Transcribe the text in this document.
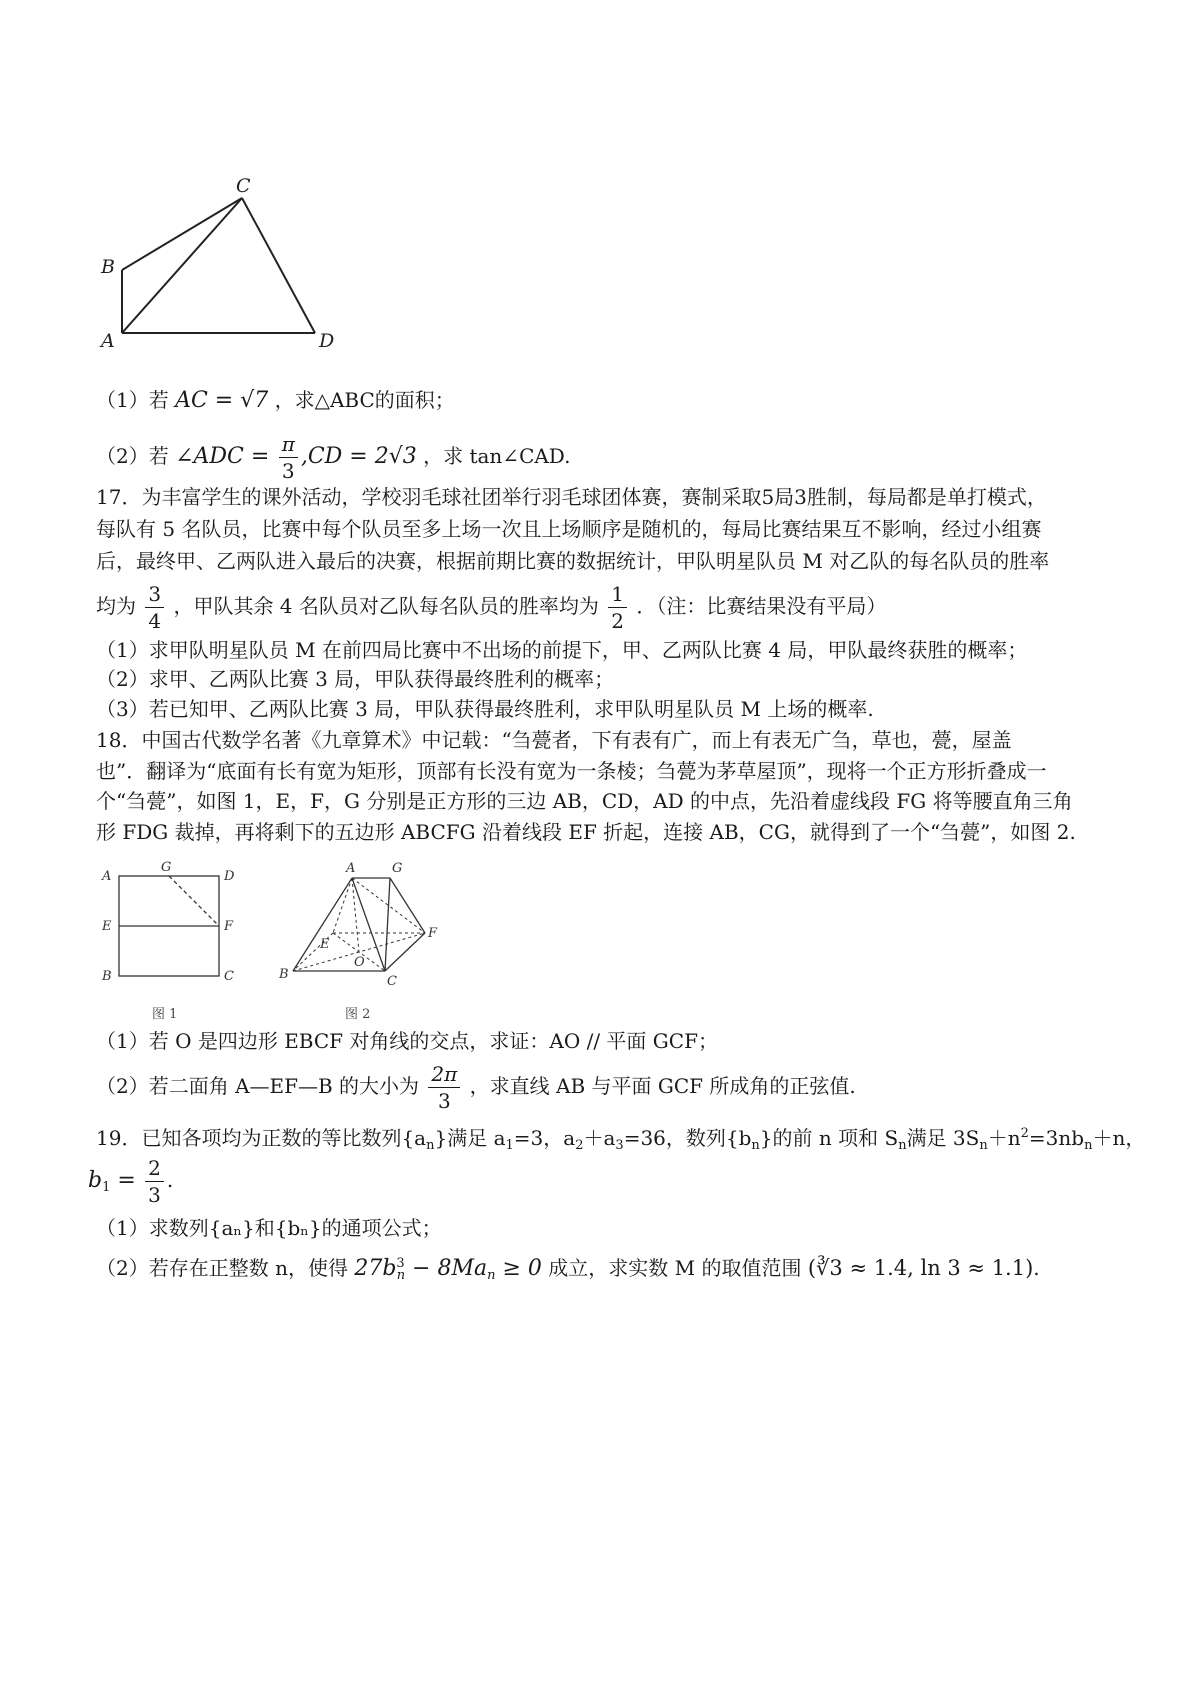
C
B
A	D
（1）若 AC = √7 ，求△ABC的面积；
（2）若 ∠ADC = $\frac{\pi}{3} ,CD = 2√3$ ，求 tan∠CAD.
17．为丰富学生的课外活动，学校羽毛球社团举行羽毛球团体赛，赛制采取5局3胜制，每局都是单打模式，
每队有 5 名队员，比赛中每个队员至多上场一次且上场顺序是随机的，每局比赛结果互不影响，经过小组赛
后，最终甲、乙两队进入最后的决赛，根据前期比赛的数据统计，甲队明星队员 M 对乙队的每名队员的胜率
均为 $\frac{3}{4}$ ，甲队其余 4 名队员对乙队每名队员的胜率均为 $\frac{1}{2}$ ．（注：比赛结果没有平局）
（1）求甲队明星队员 M 在前四局比赛中不出场的前提下，甲、乙两队比赛 4 局，甲队最终获胜的概率；
（2）求甲、乙两队比赛 3 局，甲队获得最终胜利的概率；
（3）若已知甲、乙两队比赛 3 局，甲队获得最终胜利，求甲队明星队员 M 上场的概率.
18．中国古代数学名著《九章算术》中记载：“刍甍者，下有表有广，而上有表无广刍，草也，甍，屋盖
也”．翻译为“底面有长有宽为矩形，顶部有长没有宽为一条棱；刍甍为茅草屋顶”，现将一个正方形折叠成一
个“刍甍”，如图 1，E，F，G 分别是正方形的三边 AB，CD，AD 的中点，先沿着虚线段 FG 将等腰直角三角
形 FDG 裁掉，再将剩下的五边形 ABCFG 沿着线段 EF 折起，连接 AB，CG，就得到了一个“刍甍”，如图 2.
A
G
D
E	F
B	C
图 1
A	G
E
F
O
B	C
图 2
（1）若 O 是四边形 EBCF 对角线的交点，求证：AO // 平面 GCF；
（2）若二面角 A—EF—B 的大小为 $\frac{2\pi}{3}$ ，求直线 AB 与平面 GCF 所成角的正弦值.
19．已知各项均为正数的等比数列$\{a_n\}$满足 $a_1=3$，$a_2+a_3=36$，数列$\{b_n\}$的前 n 项和 $S_n$满足 $3S_n+n^2=3nb_n+n$，
$b_1 = \frac{2}{3}$ .
（1）求数列{aₙ}和{bₙ}的通项公式；
（2）若存在正整数 n，使得 $27b^3_n - 8Ma_n \ge 0$ 成立，求实数 M 的取值范围 (∛3 ≈ 1.4, ln 3 ≈ 1.1).
